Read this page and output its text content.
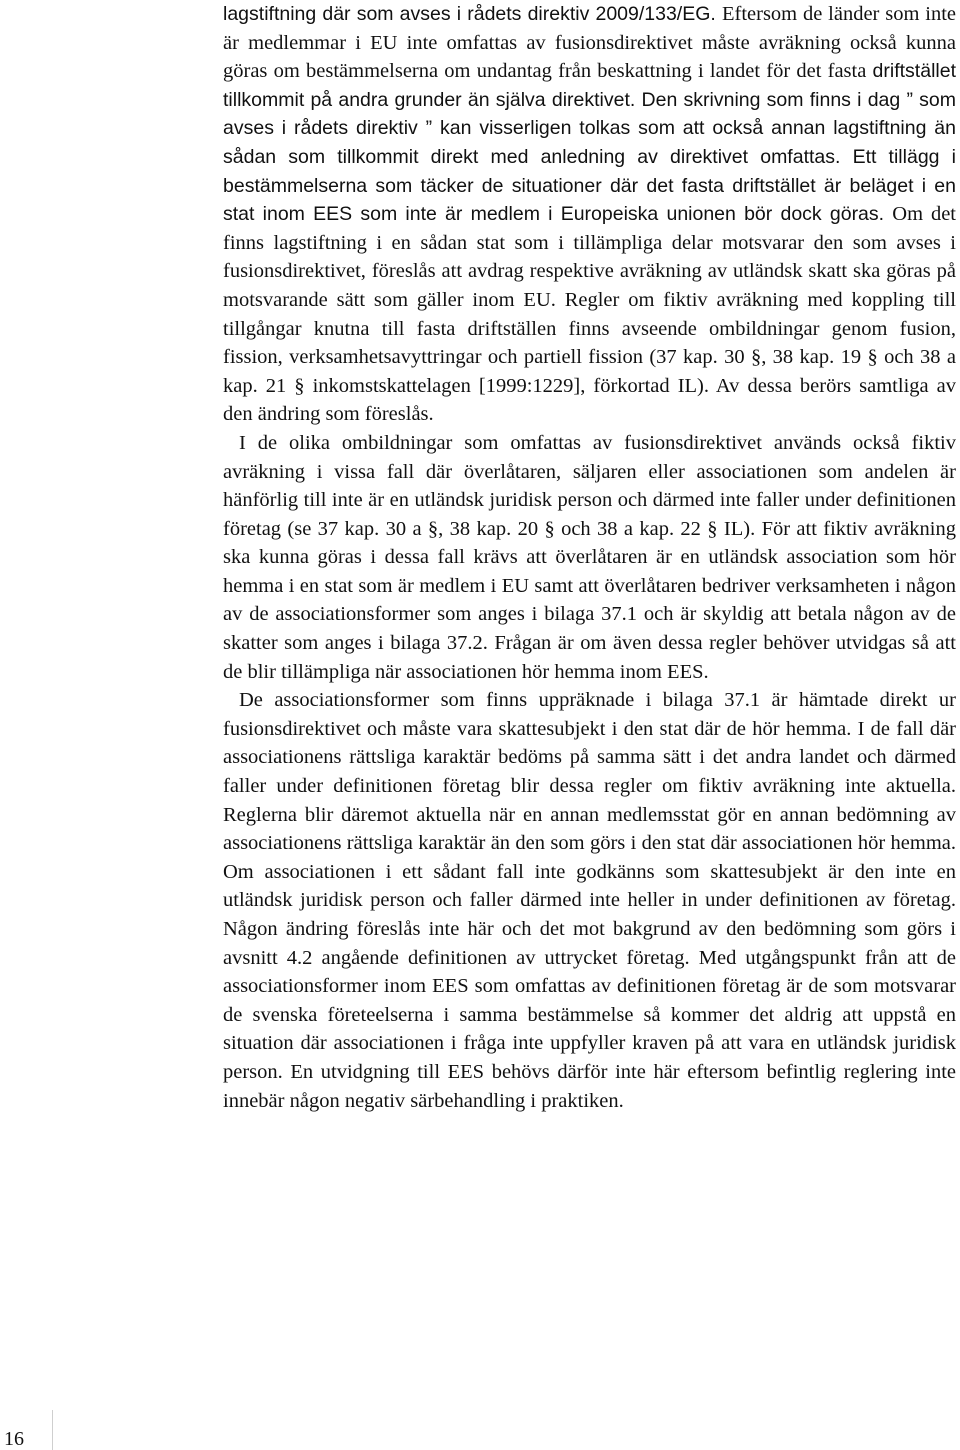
lagstiftning där som avses i rådets direktiv 2009/133/EG. Eftersom de länder som inte är medlemmar i EU inte omfattas av fusionsdirektivet måste avräkning också kunna göras om bestämmelserna om undantag från beskattning i landet för det fasta driftstället tillkommit på andra grunder än själva direktivet. Den skrivning som finns i dag ” som avses i rådets direktiv ” kan visserligen tolkas som att också annan lagstiftning än sådan som tillkommit direkt med anledning av direktivet omfattas. Ett tillägg i bestämmelserna som täcker de situationer där det fasta driftstället är beläget i en stat inom EES som inte är medlem i Europeiska unionen bör dock göras. Om det finns lagstiftning i en sådan stat som i tillämpliga delar motsvarar den som avses i fusionsdirektivet, föreslås att avdrag respektive avräkning av utländsk skatt ska göras på motsvarande sätt som gäller inom EU. Regler om fiktiv avräkning med koppling till tillgångar knutna till fasta driftställen finns avseende ombildningar genom fusion, fission, verksamhetsavyttringar och partiell fission (37 kap. 30 §, 38 kap. 19 § och 38 a kap. 21 § inkomstskattelagen [1999:1229], förkortad IL). Av dessa berörs samtliga av den ändring som föreslås.

I de olika ombildningar som omfattas av fusionsdirektivet används också fiktiv avräkning i vissa fall där överlåtaren, säljaren eller associationen som andelen är hänförlig till inte är en utländsk juridisk person och därmed inte faller under definitionen företag (se 37 kap. 30 a §, 38 kap. 20 § och 38 a kap. 22 § IL). För att fiktiv avräkning ska kunna göras i dessa fall krävs att överlåtaren är en utländsk association som hör hemma i en stat som är medlem i EU samt att överlåtaren bedriver verksamheten i någon av de associationsformer som anges i bilaga 37.1 och är skyldig att betala någon av de skatter som anges i bilaga 37.2. Frågan är om även dessa regler behöver utvidgas så att de blir tillämpliga när associationen hör hemma inom EES.

De associationsformer som finns uppräknade i bilaga 37.1 är hämtade direkt ur fusionsdirektivet och måste vara skattesubjekt i den stat där de hör hemma. I de fall där associationens rättsliga karaktär bedöms på samma sätt i det andra landet och därmed faller under definitionen företag blir dessa regler om fiktiv avräkning inte aktuella. Reglerna blir däremot aktuella när en annan medlemsstat gör en annan bedömning av associationens rättsliga karaktär än den som görs i den stat där associationen hör hemma. Om associationen i ett sådant fall inte godkänns som skattesubjekt är den inte en utländsk juridisk person och faller därmed inte heller in under definitionen av företag. Någon ändring föreslås inte här och det mot bakgrund av den bedömning som görs i avsnitt 4.2 angående definitionen av uttrycket företag. Med utgångspunkt från att de associationsformer inom EES som omfattas av definitionen företag är de som motsvarar de svenska företeelserna i samma bestämmelse så kommer det aldrig att uppstå en situation där associationen i fråga inte uppfyller kraven på att vara en utländsk juridisk person. En utvidgning till EES behövs därför inte här eftersom befintlig reglering inte innebär någon negativ särbehandling i praktiken.

16
